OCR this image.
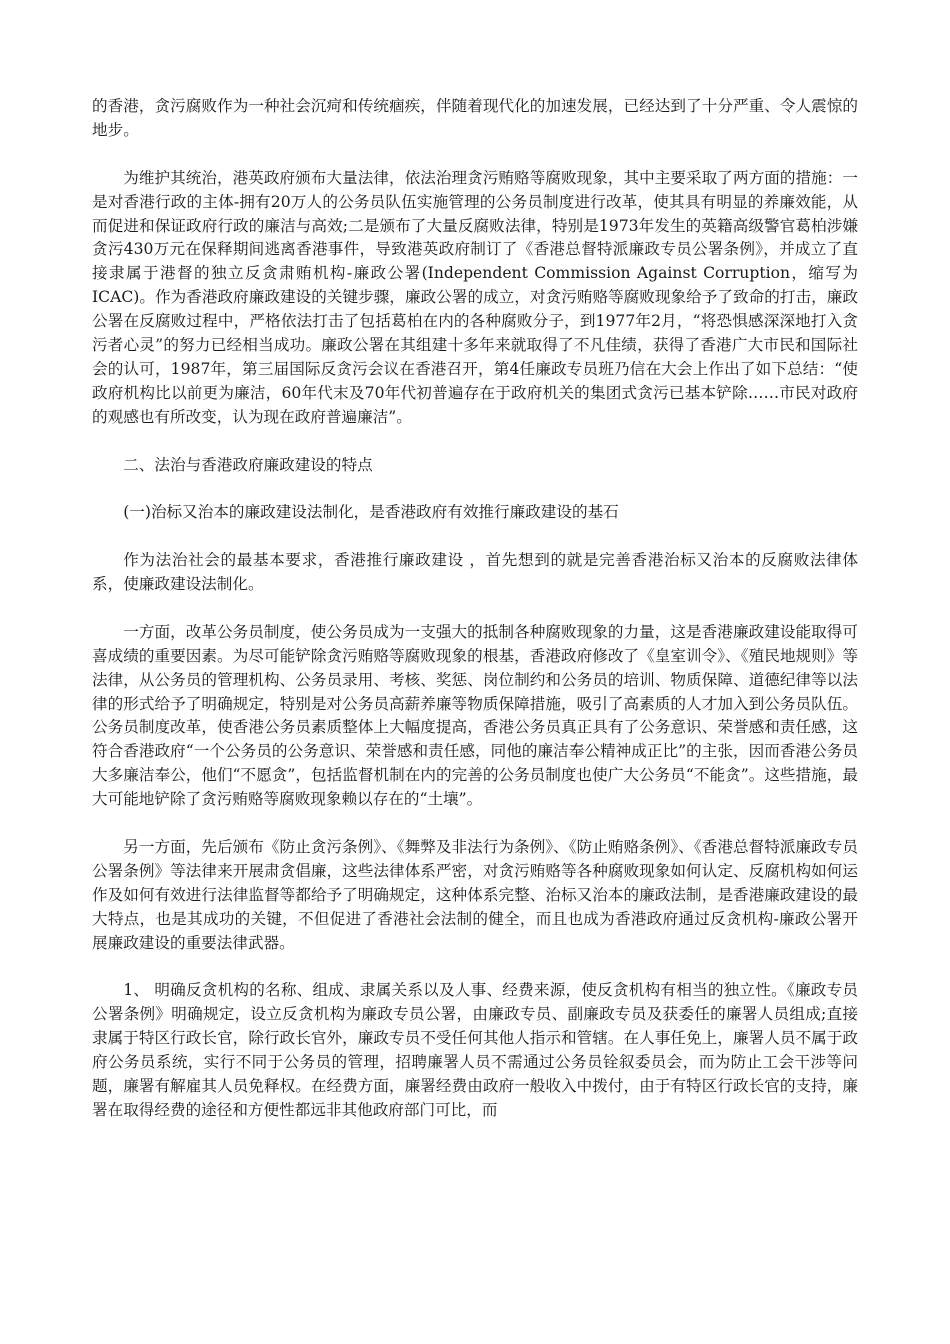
的香港，贪污腐败作为一种社会沉疴和传统痼疾，伴随着现代化的加速发展，已经达到了十分严重、令人震惊的地步。

为维护其统治，港英政府颁布大量法律，依法治理贪污贿赂等腐败现象，其中主要采取了两方面的措施：一是对香港行政的主体-拥有20万人的公务员队伍实施管理的公务员制度进行改革，使其具有明显的养廉效能，从而促进和保证政府行政的廉洁与高效;二是颁布了大量反腐败法律，特别是1973年发生的英籍高级警官葛柏涉嫌贪污430万元在保释期间逃离香港事件，导致港英政府制订了《香港总督特派廉政专员公署条例》，并成立了直接隶属于港督的独立反贪肃贿机构-廉政公署(Independent Commission Against Corruption，缩写为ICAC)。作为香港政府廉政建设的关键步骤，廉政公署的成立，对贪污贿赂等腐败现象给予了致命的打击，廉政公署在反腐败过程中，严格依法打击了包括葛柏在内的各种腐败分子，到1977年2月，“将恐惧感深深地打入贪污者心灵”的努力已经相当成功。廉政公署在其组建十多年来就取得了不凡佳绩，获得了香港广大市民和国际社会的认可，1987年，第三届国际反贪污会议在香港召开，第4任廉政专员班乃信在大会上作出了如下总结：“使政府机构比以前更为廉洁，60年代末及70年代初普遍存在于政府机关的集团式贪污已基本铲除……市民对政府的观感也有所改变，认为现在政府普遍廉洁”。

二、法治与香港政府廉政建设的特点

(一)治标又治本的廉政建设法制化，是香港政府有效推行廉政建设的基石

作为法治社会的最基本要求，香港推行廉政建设 ，首先想到的就是完善香港治标又治本的反腐败法律体系，使廉政建设法制化。

一方面，改革公务员制度，使公务员成为一支强大的抵制各种腐败现象的力量，这是香港廉政建设能取得可喜成绩的重要因素。为尽可能铲除贪污贿赂等腐败现象的根基，香港政府修改了《皇室训令》、《殖民地规则》等法律，从公务员的管理机构、公务员录用、考核、奖惩、岗位制约和公务员的培训、物质保障、道德纪律等以法律的形式给予了明确规定，特别是对公务员高薪养廉等物质保障措施，吸引了高素质的人才加入到公务员队伍。公务员制度改革，使香港公务员素质整体上大幅度提高，香港公务员真正具有了公务意识、荣誉感和责任感，这符合香港政府“一个公务员的公务意识、荣誉感和责任感，同他的廉洁奉公精神成正比”的主张，因而香港公务员大多廉洁奉公，他们“不愿贪”，包括监督机制在内的完善的公务员制度也使广大公务员“不能贪”。这些措施，最大可能地铲除了贪污贿赂等腐败现象赖以存在的“土壤”。

另一方面，先后颁布《防止贪污条例》、《舞弊及非法行为条例》、《防止贿赂条例》、《香港总督特派廉政专员公署条例》等法律来开展肃贪倡廉，这些法律体系严密，对贪污贿赂等各种腐败现象如何认定、反腐机构如何运作及如何有效进行法律监督等都给予了明确规定，这种体系完整、治标又治本的廉政法制，是香港廉政建设的最大特点，也是其成功的关键，不但促进了香港社会法制的健全，而且也成为香港政府通过反贪机构-廉政公署开展廉政建设的重要法律武器。

1、 明确反贪机构的名称、组成、隶属关系以及人事、经费来源，使反贪机构有相当的独立性。《廉政专员公署条例》明确规定，设立反贪机构为廉政专员公署，由廉政专员、副廉政专员及获委任的廉署人员组成;直接隶属于特区行政长官，除行政长官外，廉政专员不受任何其他人指示和管辖。在人事任免上，廉署人员不属于政府公务员系统，实行不同于公务员的管理，招聘廉署人员不需通过公务员铨叙委员会，而为防止工会干涉等问题，廉署有解雇其人员免释权。在经费方面，廉署经费由政府一般收入中拨付，由于有特区行政长官的支持，廉署在取得经费的途径和方便性都远非其他政府部门可比，而
